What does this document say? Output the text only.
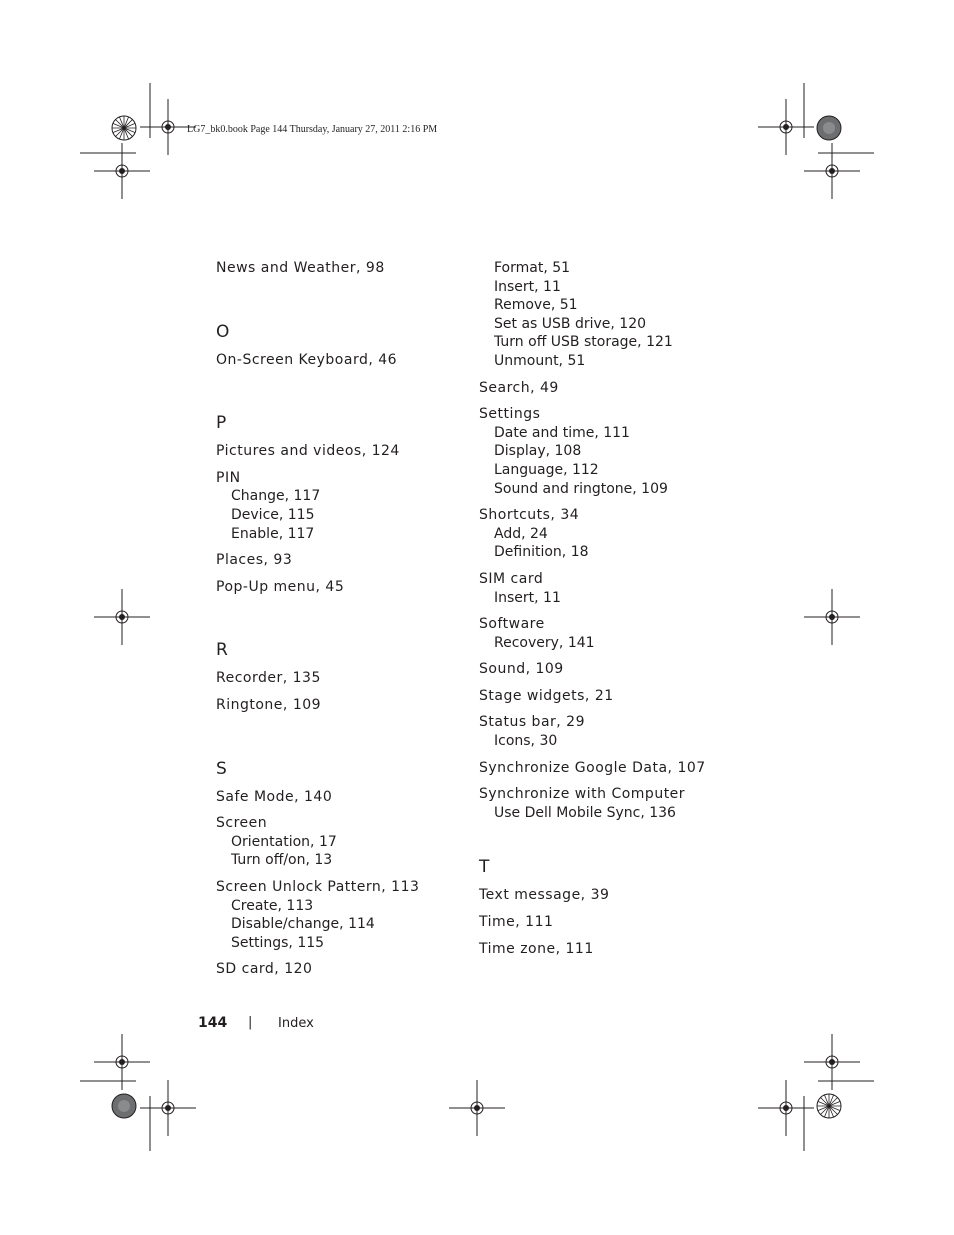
LG7_bk0.book Page 144 Thursday, January 27, 2011 2:16 PM
News and Weather, 98
O
On-Screen Keyboard, 46
P
Pictures and videos, 124
PIN
Change, 117
Device, 115
Enable, 117
Places, 93
Pop-Up menu, 45
R
Recorder, 135
Ringtone, 109
S
Safe Mode, 140
Screen
Orientation, 17
Turn off/on, 13
Screen Unlock Pattern, 113
Create, 113
Disable/change, 114
Settings, 115
SD card, 120
Format, 51
Insert, 11
Remove, 51
Set as USB drive, 120
Turn off USB storage, 121
Unmount, 51
Search, 49
Settings
Date and time, 111
Display, 108
Language, 112
Sound and ringtone, 109
Shortcuts, 34
Add, 24
Definition, 18
SIM card
Insert, 11
Software
Recovery, 141
Sound, 109
Stage widgets, 21
Status bar, 29
Icons, 30
Synchronize Google Data, 107
Synchronize with Computer
Use Dell Mobile Sync, 136
T
Text message, 39
Time, 111
Time zone, 111
144 | Index
